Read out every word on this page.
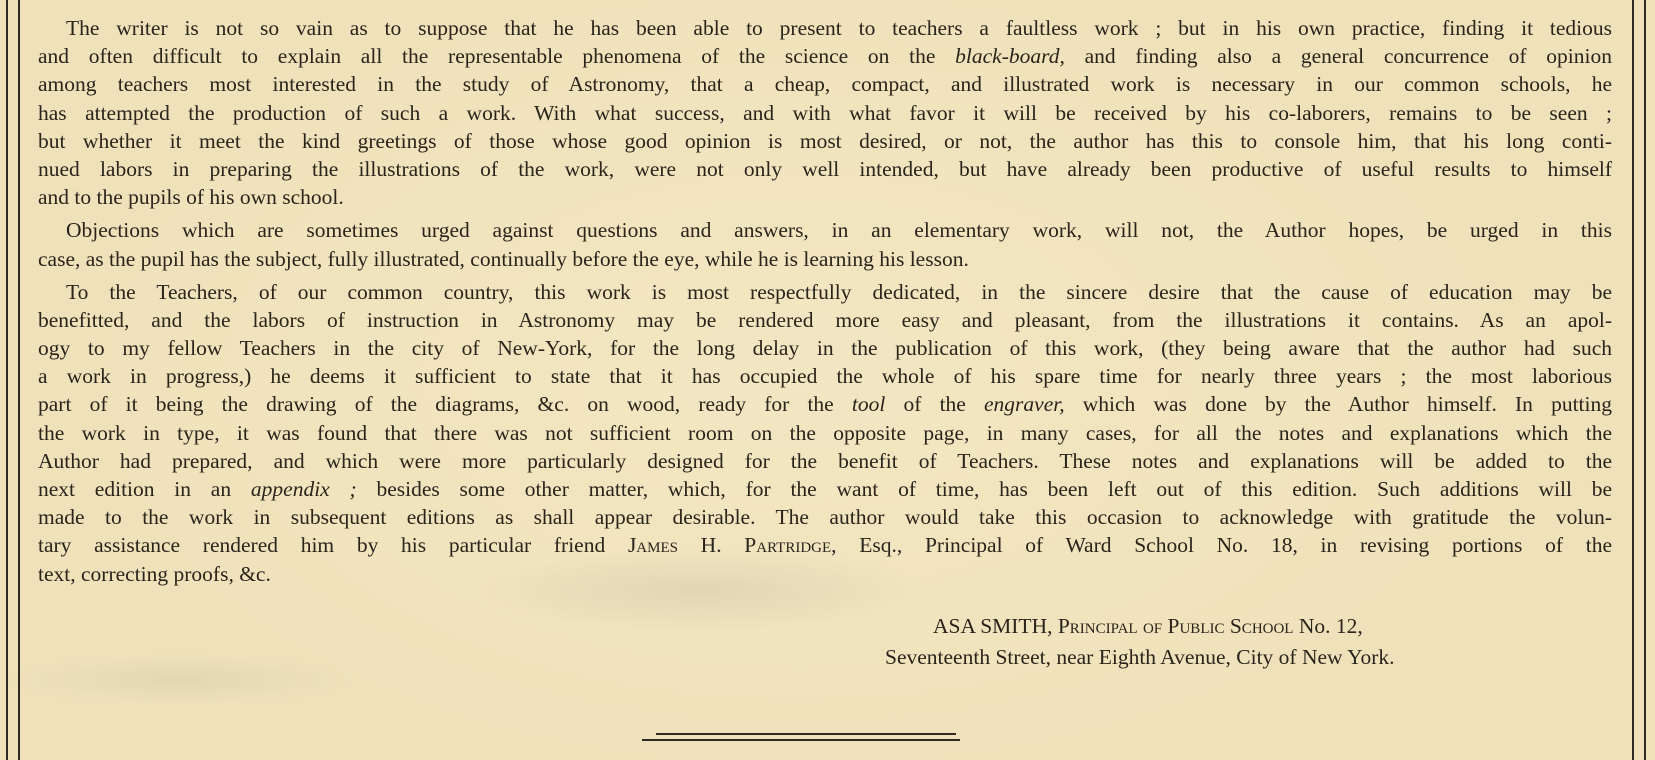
The writer is not so vain as to suppose that he has been able to present to teachers a faultless work ; but in his own practice, finding it tedious
and often difficult to explain all the representable phenomena of the science on the black-board, and finding also a general concurrence of opinion
among teachers most interested in the study of Astronomy, that a cheap, compact, and illustrated work is necessary in our common schools, he
has attempted the production of such a work. With what success, and with what favor it will be received by his co-laborers, remains to be seen ;
but whether it meet the kind greetings of those whose good opinion is most desired, or not, the author has this to console him, that his long conti-
nued labors in preparing the illustrations of the work, were not only well intended, but have already been productive of useful results to himself
and to the pupils of his own school.
Objections which are sometimes urged against questions and answers, in an elementary work, will not, the Author hopes, be urged in this
case, as the pupil has the subject, fully illustrated, continually before the eye, while he is learning his lesson.
To the Teachers, of our common country, this work is most respectfully dedicated, in the sincere desire that the cause of education may be
benefitted, and the labors of instruction in Astronomy may be rendered more easy and pleasant, from the illustrations it contains. As an apol-
ogy to my fellow Teachers in the city of New-York, for the long delay in the publication of this work, (they being aware that the author had such
a work in progress,) he deems it sufficient to state that it has occupied the whole of his spare time for nearly three years ; the most laborious
part of it being the drawing of the diagrams, &c. on wood, ready for the tool of the engraver, which was done by the Author himself. In putting
the work in type, it was found that there was not sufficient room on the opposite page, in many cases, for all the notes and explanations which the
Author had prepared, and which were more particularly designed for the benefit of Teachers. These notes and explanations will be added to the
next edition in an appendix ; besides some other matter, which, for the want of time, has been left out of this edition. Such additions will be
made to the work in subsequent editions as shall appear desirable. The author would take this occasion to acknowledge with gratitude the volun-
tary assistance rendered him by his particular friend James H. Partridge, Esq., Principal of Ward School No. 18, in revising portions of the
text, correcting proofs, &c.
ASA SMITH, Principal of Public School No. 12,
Seventeenth Street, near Eighth Avenue, City of New York.
